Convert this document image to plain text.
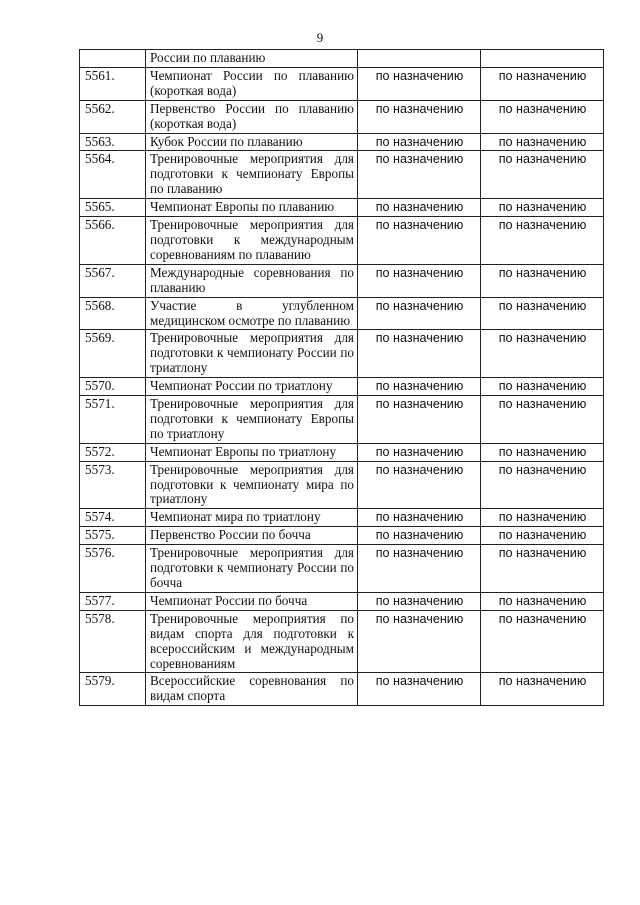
9
	России по плаванию		
5561.	Чемпионат России по плаванию (короткая вода)	по назначению	по назначению
5562.	Первенство России по плаванию (короткая вода)	по назначению	по назначению
5563.	Кубок России по плаванию	по назначению	по назначению
5564.	Тренировочные мероприятия для подготовки к чемпионату Европы по плаванию	по назначению	по назначению
5565.	Чемпионат Европы по плаванию	по назначению	по назначению
5566.	Тренировочные мероприятия для подготовки к международным соревнованиям по плаванию	по назначению	по назначению
5567.	Международные соревнования по плаванию	по назначению	по назначению
5568.	Участие в углубленном медицинском осмотре по плаванию	по назначению	по назначению
5569.	Тренировочные мероприятия для подготовки к чемпионату России по триатлону	по назначению	по назначению
5570.	Чемпионат России по триатлону	по назначению	по назначению
5571.	Тренировочные мероприятия для подготовки к чемпионату Европы по триатлону	по назначению	по назначению
5572.	Чемпионат Европы по триатлону	по назначению	по назначению
5573.	Тренировочные мероприятия для подготовки к чемпионату мира по триатлону	по назначению	по назначению
5574.	Чемпионат мира по триатлону	по назначению	по назначению
5575.	Первенство России по бочча	по назначению	по назначению
5576.	Тренировочные мероприятия для подготовки к чемпионату России по бочча	по назначению	по назначению
5577.	Чемпионат России по бочча	по назначению	по назначению
5578.	Тренировочные мероприятия по видам спорта для подготовки к всероссийским и международным соревнованиям	по назначению	по назначению
5579.	Всероссийские соревнования по видам спорта	по назначению	по назначению
